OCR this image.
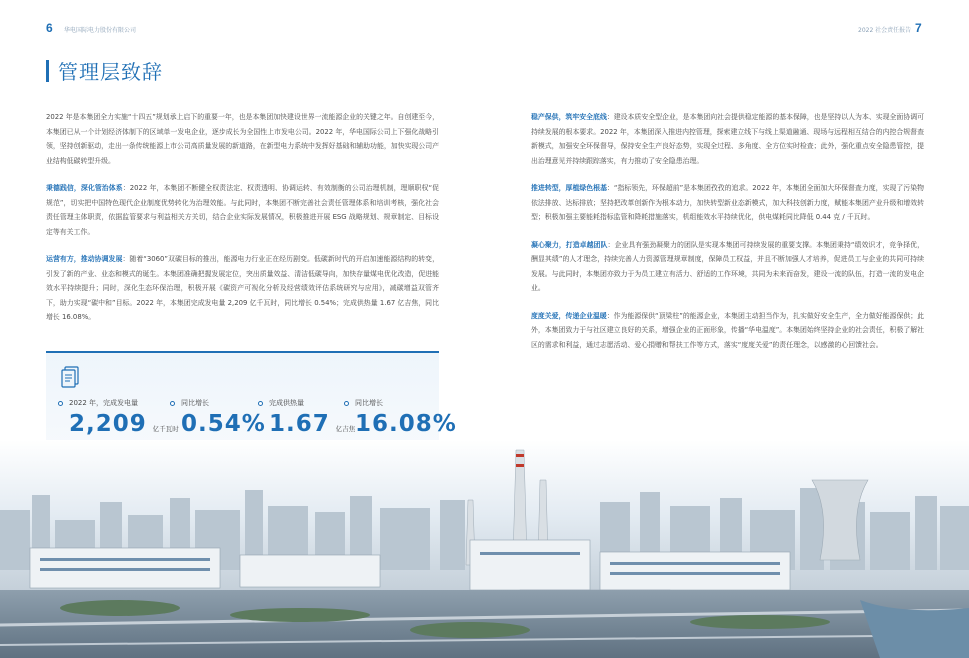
6 华电国际电力股份有限公司	2022 社会责任报告 7
管理层致辞

2022 年是本集团全力实施“十四五”规划承上启下的重要一年，也是本集团加快建设世界一流能源企业的关键之年。自创建至今，本集团已从一个计划经济体制下的区域单一发电企业，逐步成长为全国性上市发电公司。2022 年，华电国际公司上下强化战略引领，坚持创新驱动，走出一条传统能源上市公司高质量发展的新道路，在新型电力系统中发挥好基础和辅助功能，加快实现公司产业结构低碳转型升级。

秉德践信，深化管治体系：2022 年，本集团不断健全权责法定、权责透明、协调运转、有效制衡的公司治理机制，理顺职权“促规范”，切实把中国特色现代企业制度优势转化为治理效能。与此同时，本集团不断完善社会责任管理体系和培训考核，强化社会责任管理主体职责，依据监管要求与利益相关方关切，结合企业实际发展情况，积极推进开展 ESG 战略规划、规章制定、目标设定等有关工作。

运营有方，推动协调发展：随着“3060”双碳目标的推出，能源电力行业正在经历剧变。低碳新时代的开启加速能源结构的转变，引发了新的产业、业态和模式的诞生。本集团准确把握发展定位，突出质量效益、清洁低碳导向，加快存量煤电优化改造，促进能效水平持续提升；同时，深化生态环保治理，积极开展《碳资产可视化分析及经营绩效评估系统研究与应用》，减碳增益双管齐下，助力实现“碳中和”目标。2022 年，本集团完成发电量 2,209 亿千瓦时，同比增长 0.54%；完成供热量 1.67 亿吉焦，同比增长 16.08%。

2022 年，完成发电量
2,209 亿千瓦时
同比增长
0.54%
完成供热量
1.67 亿吉焦
同比增长
16.08%

稳产保供，筑牢安全底线：建设本质安全型企业，是本集团向社会提供稳定能源的基本保障，也是坚持以人为本、实现全面协调可持续发展的根本要求。2022 年，本集团深入推进内控管理，探索建立线下与线上渠道融通、现场与远程相互结合的内控合规督查新模式，加强安全环保督导，保持安全生产良好态势，实现全过程、多角度、全方位实时检查；此外，强化重点安全隐患管控，提出治理意见并持续跟踪落实，有力推动了安全隐患治理。

推进转型，厚植绿色根基：“指标领先，环保超前”是本集团孜孜的追求。2022 年，本集团全面加大环保督查力度，实现了污染物依法排放、达标排放；坚持把改革创新作为根本动力，加快转型新业态新模式，加大科技创新力度，赋能本集团产业升级和增效转型；积极加强主要能耗指标监管和降耗措施落实，机组能效水平持续优化，供电煤耗同比降低 0.44 克 / 千瓦时。

凝心聚力，打造卓越团队：企业具有强劲凝聚力的团队是实现本集团可持续发展的重要支撑。本集团秉持“绩效识才，竞争择优，酬显其绩”的人才理念，持续完善人力资源管理规章制度，保障员工权益，并且不断加强人才培养，促进员工与企业的共同可持续发展。与此同时，本集团亦致力于为员工建立有活力、舒适的工作环境，共同为未来而奋发，建设一流的队伍，打造一流的发电企业。

度度关爱，传递企业温暖：作为能源保供“顶梁柱”的能源企业，本集团主动担当作为，扎实做好安全生产，全力做好能源保供；此外，本集团致力于与社区建立良好的关系，增强企业的正面形象，传播“华电温度”。本集团始终坚持企业的社会责任，积极了解社区的需求和利益，通过志愿活动、爱心捐赠和帮扶工作等方式，落实“度度关爱”的责任理念，以感激的心回馈社会。
